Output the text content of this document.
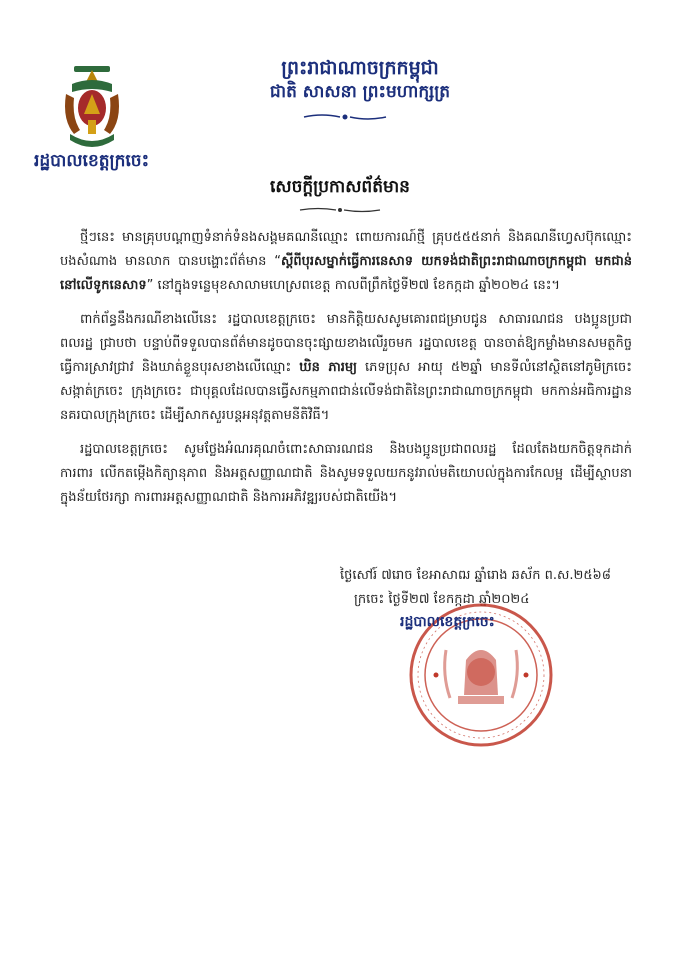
រដ្ឋបាលខេត្តក្រចេះ
ព្រះរាជាណាចក្រកម្ពុជា
ជាតិ សាសនា ព្រះមហាក្សត្រ
សេចក្តីប្រកាសព័ត៌មាន

ថ្មីៗនេះ មានគ្រុបបណ្តាញទំនាក់ទំនងសង្គមគណនីឈ្មោះ ពោយការណ៍ថ្មី គ្រុប៥៥៥នាក់ និងគណនីហ្វេសប៊ុកឈ្មោះ បងសំណាង មានលាក បានបង្ហោះព័ត៌មាន “ស្តីពីបុរសម្នាក់ធ្វើការនេសាទ យកទង់ជាតិព្រះរាជាណាចក្រកម្ពុជា មកជាន់នៅលើទូកនេសាទ” នៅក្នុងទន្លេមុខសាលាមហេស្រពខេត្ត កាលពីព្រឹកថ្ងៃទី២៧ ខែកក្កដា ឆ្នាំ២០២៤ នេះ។

ពាក់ព័ន្ធនឹងករណីខាងលើនេះ រដ្ឋបាលខេត្តក្រចេះ មានកិត្តិយសសូមគោរពជម្រាបជូន សាធារណជន បងប្អូនប្រជាពលរដ្ឋ ជ្រាបថា បន្ទាប់ពីទទួលបានព័ត៌មានដូចបានចុះផ្សាយខាងលើរួចមក រដ្ឋបាលខេត្ត បានចាត់ឱ្យកម្លាំងមានសមត្ថកិច្ចធ្វើការស្រាវជ្រាវ និងឃាត់ខ្លួនបុរសខាងលើឈ្មោះ ឃិន ភារម្យ ភេទប្រុស អាយុ ៥២ឆ្នាំ មានទីលំនៅស្ថិតនៅភូមិក្រចេះ សង្កាត់ក្រចេះ ក្រុងក្រចេះ ជាបុគ្គលដែលបានធ្វើសកម្មភាពជាន់លើទង់ជាតិនៃព្រះរាជាណាចក្រកម្ពុជា មកកាន់អធិការដ្ឋាននគរបាលក្រុងក្រចេះ ដើម្បីសាកសួរបន្តអនុវត្តតាមនីតិវិធី។

រដ្ឋបាលខេត្តក្រចេះ សូមថ្លែងអំណរគុណចំពោះសាធារណជន និងបងប្អូនប្រជាពលរដ្ឋ ដែលតែងយកចិត្តទុកដាក់ ការពារ លើកតម្កើងកិត្យានុភាព និងអត្តសញ្ញាណជាតិ និងសូមទទួលយកនូវរាល់មតិយោបល់ក្នុងការកែលម្អ ដើម្បីស្ថាបនាក្នុងន័យថែរក្សា ការពារអត្តសញ្ញាណជាតិ និងការអភិវឌ្ឍរបស់ជាតិយើង។

ថ្ងៃសៅរ៍ ៧រោច ខែអាសាឍ ឆ្នាំរោង ឆស័ក ព.ស.២៥៦៨
ក្រចេះ ថ្ងៃទី២៧ ខែកក្កដា ឆ្នាំ២០២៤
រដ្ឋបាលខេត្តក្រចេះ
